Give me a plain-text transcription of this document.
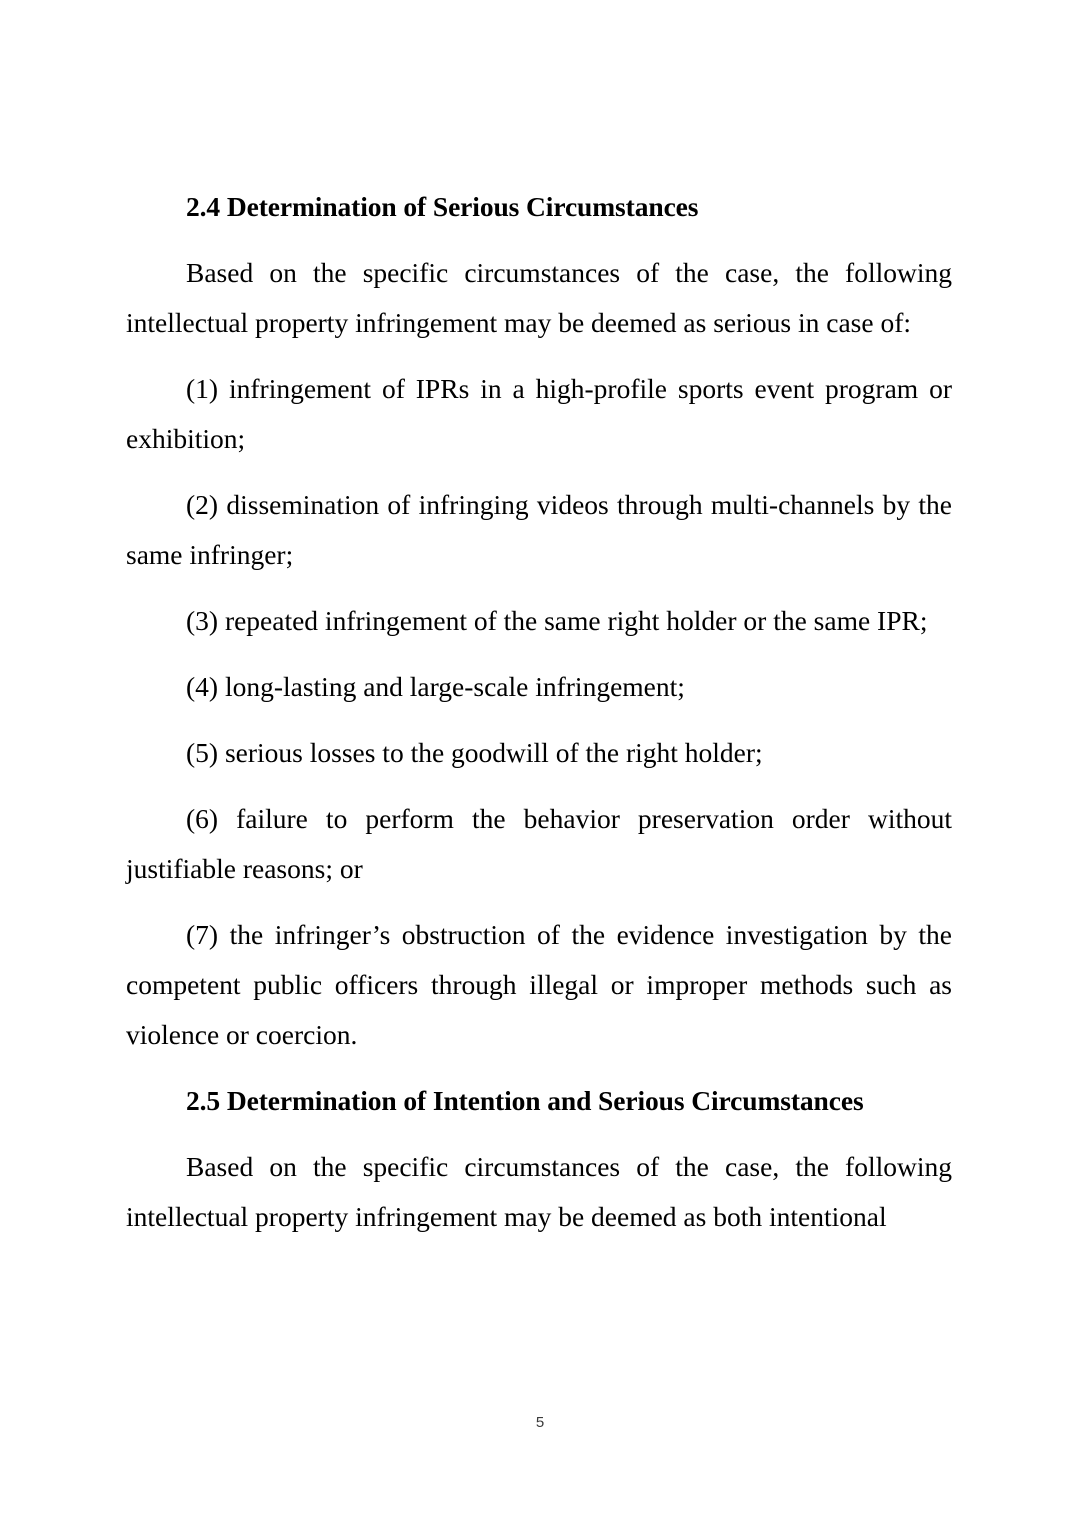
2.4 Determination of Serious Circumstances

Based on the specific circumstances of the case, the following intellectual property infringement may be deemed as serious in case of:

(1) infringement of IPRs in a high-profile sports event program or exhibition;

(2) dissemination of infringing videos through multi-channels by the same infringer;

(3) repeated infringement of the same right holder or the same IPR;

(4) long-lasting and large-scale infringement;

(5) serious losses to the goodwill of the right holder;

(6) failure to perform the behavior preservation order without justifiable reasons; or

(7) the infringer’s obstruction of the evidence investigation by the competent public officers through illegal or improper methods such as violence or coercion.

2.5 Determination of Intention and Serious Circumstances

Based on the specific circumstances of the case, the following intellectual property infringement may be deemed as both intentional

5
